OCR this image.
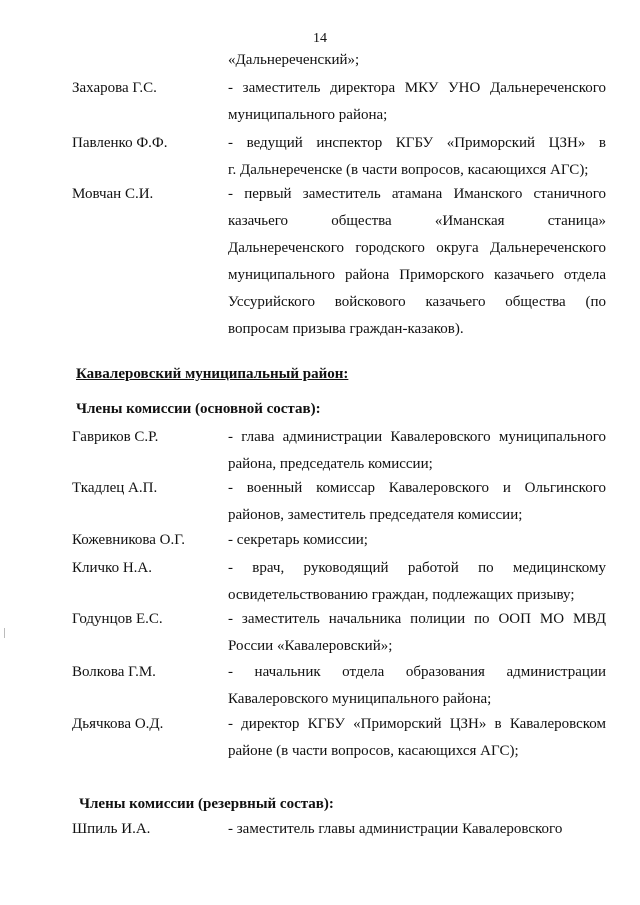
14
«Дальнереченский»;
Захарова Г.С.	- заместитель директора МКУ УНО Дальнереченского
муниципального района;
Павленко Ф.Ф.	- ведущий инспектор КГБУ «Приморский ЦЗН» в
г. Дальнереченске (в части вопросов, касающихся АГС);
Мовчан С.И.	- первый заместитель атамана Иманского станичного
казачьего общества «Иманская станица»
Дальнереченского городского округа Дальнереченского
муниципального района Приморского казачьего отдела
Уссурийского войскового казачьего общества (по
вопросам призыва граждан-казаков).
Кавалеровский муниципальный район:
Члены комиссии (основной состав):
Гавриков С.Р.	- глава администрации Кавалеровского муниципального
района, председатель комиссии;
Ткадлец А.П.	- военный комиссар Кавалеровского и Ольгинского
районов, заместитель председателя комиссии;
Кожевникова О.Г.	- секретарь комиссии;
Кличко Н.А.	- врач, руководящий работой по медицинскому
освидетельствованию граждан, подлежащих призыву;
Годунцов Е.С.	- заместитель начальника полиции по ООП МО МВД
России «Кавалеровский»;
Волкова Г.М.	- начальник отдела образования администрации
Кавалеровского муниципального района;
Дьячкова О.Д.	- директор КГБУ «Приморский ЦЗН» в Кавалеровском
районе (в части вопросов, касающихся АГС);
Члены комиссии (резервный состав):
Шпиль И.А.	- заместитель главы администрации Кавалеровского
